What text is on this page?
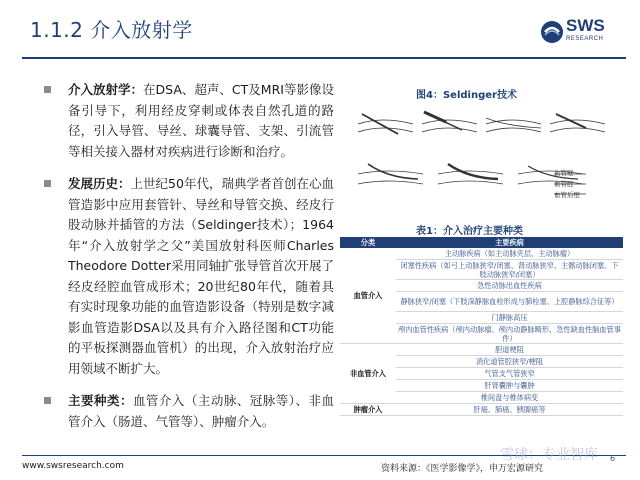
1.1.2 介入放射学	SWS
RESEARCH
介入放射学：在DSA、超声、CT及MRI等影像设备引导下，利用经皮穿刺或体表自然孔道的路径，引入导管、导丝、球囊导管、支架、引流管等相关接入器材对疾病进行诊断和治疗。
发展历史：上世纪50年代，瑞典学者首创在心血管造影中应用套管针、导丝和导管交换、经皮行股动脉并插管的方法（Seldinger技术）；1964年“介入放射学之父”美国放射科医师Charles Theodore Dotter采用同轴扩张导管首次开展了经皮经腔血管成形术；20世纪80年代，随着具有实时现象功能的血管造影设备（特别是数字减影血管造影DSA以及具有介入路径图和CT功能的平板探测器血管机）的出现，介入放射治疗应用领域不断扩大。
主要种类：血管介入（主动脉、冠脉等）、非血管介入（肠道、气管等）、肿瘤介入。
图4：Seldinger技术
血管壁
血管腔
血管后壁
表1：介入治疗主要种类
分类	主要疾病
血管介入	主动脉疾病（如主动脉夹层、主动脉瘤）
	闭塞性疾病（如弓上动脉狭窄/闭塞、肾动脉狭窄、主髂动脉闭塞、下肢动脉狭窄/闭塞）
	急性动脉出血性疾病
	静脉狭窄/闭塞（下肢深静脉血栓形成与肺栓塞、上腔静脉综合征等）
	门静脉高压
	颅内血管性疾病（颅内动脉瘤、颅内动静脉畸形、急性缺血性脑血管事件）
非血管介入	胆道梗阻
	消化道管腔狭窄/梗阻
	气管支气管狭窄
	肝肾囊肿与囊肿
	椎间盘与椎体病变
肿瘤介入	肝癌、肺癌、胰腺癌等
www.swsresearch.com	资料来源：《医学影像学》，申万宏源研究
雪球：专业智库 6
